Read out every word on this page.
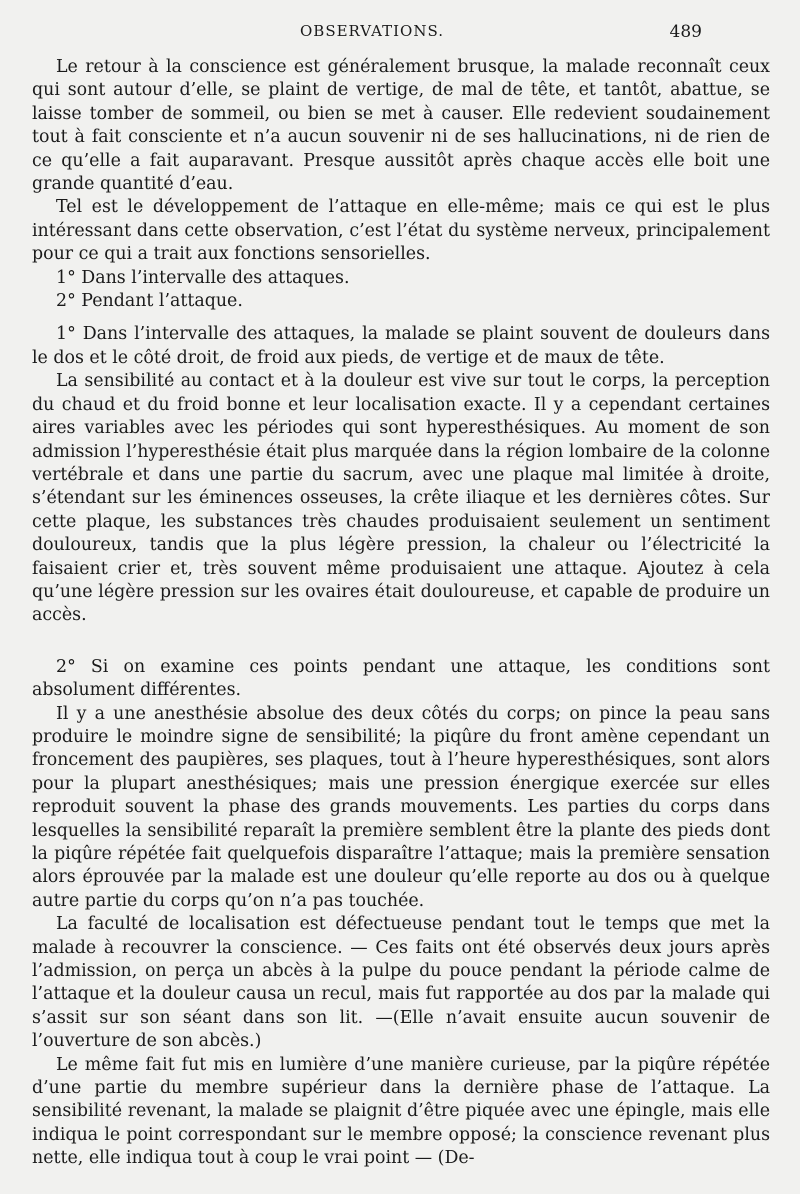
OBSERVATIONS.	489

Le retour à la conscience est généralement brusque, la malade reconnaît ceux qui sont autour d’elle, se plaint de vertige, de mal de tête, et tantôt, abattue, se laisse tomber de sommeil, ou bien se met à causer. Elle redevient soudainement tout à fait consciente et n’a aucun souvenir ni de ses hallucinations, ni de rien de ce qu’elle a fait auparavant. Presque aussitôt après chaque accès elle boit une grande quantité d’eau.

Tel est le développement de l’attaque en elle-même; mais ce qui est le plus intéressant dans cette observation, c’est l’état du système nerveux, principalement pour ce qui a trait aux fonctions sensorielles.

1° Dans l’intervalle des attaques.

2° Pendant l’attaque.

1° Dans l’intervalle des attaques, la malade se plaint souvent de douleurs dans le dos et le côté droit, de froid aux pieds, de vertige et de maux de tête.

La sensibilité au contact et à la douleur est vive sur tout le corps, la perception du chaud et du froid bonne et leur localisation exacte. Il y a cependant certaines aires variables avec les périodes qui sont hyperesthésiques. Au moment de son admission l’hyperesthésie était plus marquée dans la région lombaire de la colonne vertébrale et dans une partie du sacrum, avec une plaque mal limitée à droite, s’étendant sur les éminences osseuses, la crête iliaque et les dernières côtes. Sur cette plaque, les substances très chaudes produisaient seulement un sentiment douloureux, tandis que la plus légère pression, la chaleur ou l’électricité la faisaient crier et, très souvent même produisaient une attaque. Ajoutez à cela qu’une légère pression sur les ovaires était douloureuse, et capable de produire un accès.

2° Si on examine ces points pendant une attaque, les conditions sont absolument différentes.

Il y a une anesthésie absolue des deux côtés du corps; on pince la peau sans produire le moindre signe de sensibilité; la piqûre du front amène cependant un froncement des paupières, ses plaques, tout à l’heure hyperesthésiques, sont alors pour la plupart anesthésiques; mais une pression énergique exercée sur elles reproduit souvent la phase des grands mouvements. Les parties du corps dans lesquelles la sensibilité reparaît la première semblent être la plante des pieds dont la piqûre répétée fait quelquefois disparaître l’attaque; mais la première sensation alors éprouvée par la malade est une douleur qu’elle reporte au dos ou à quelque autre partie du corps qu’on n’a pas touchée.

La faculté de localisation est défectueuse pendant tout le temps que met la malade à recouvrer la conscience. — Ces faits ont été observés deux jours après l’admission, on perça un abcès à la pulpe du pouce pendant la période calme de l’attaque et la douleur causa un recul, mais fut rapportée au dos par la malade qui s’assit sur son séant dans son lit. —(Elle n’avait ensuite aucun souvenir de l’ouverture de son abcès.)

Le même fait fut mis en lumière d’une manière curieuse, par la piqûre répétée d’une partie du membre supérieur dans la dernière phase de l’attaque. La sensibilité revenant, la malade se plaignit d’être piquée avec une épingle, mais elle indiqua le point correspondant sur le membre opposé; la conscience revenant plus nette, elle indiqua tout à coup le vrai point — (De-
